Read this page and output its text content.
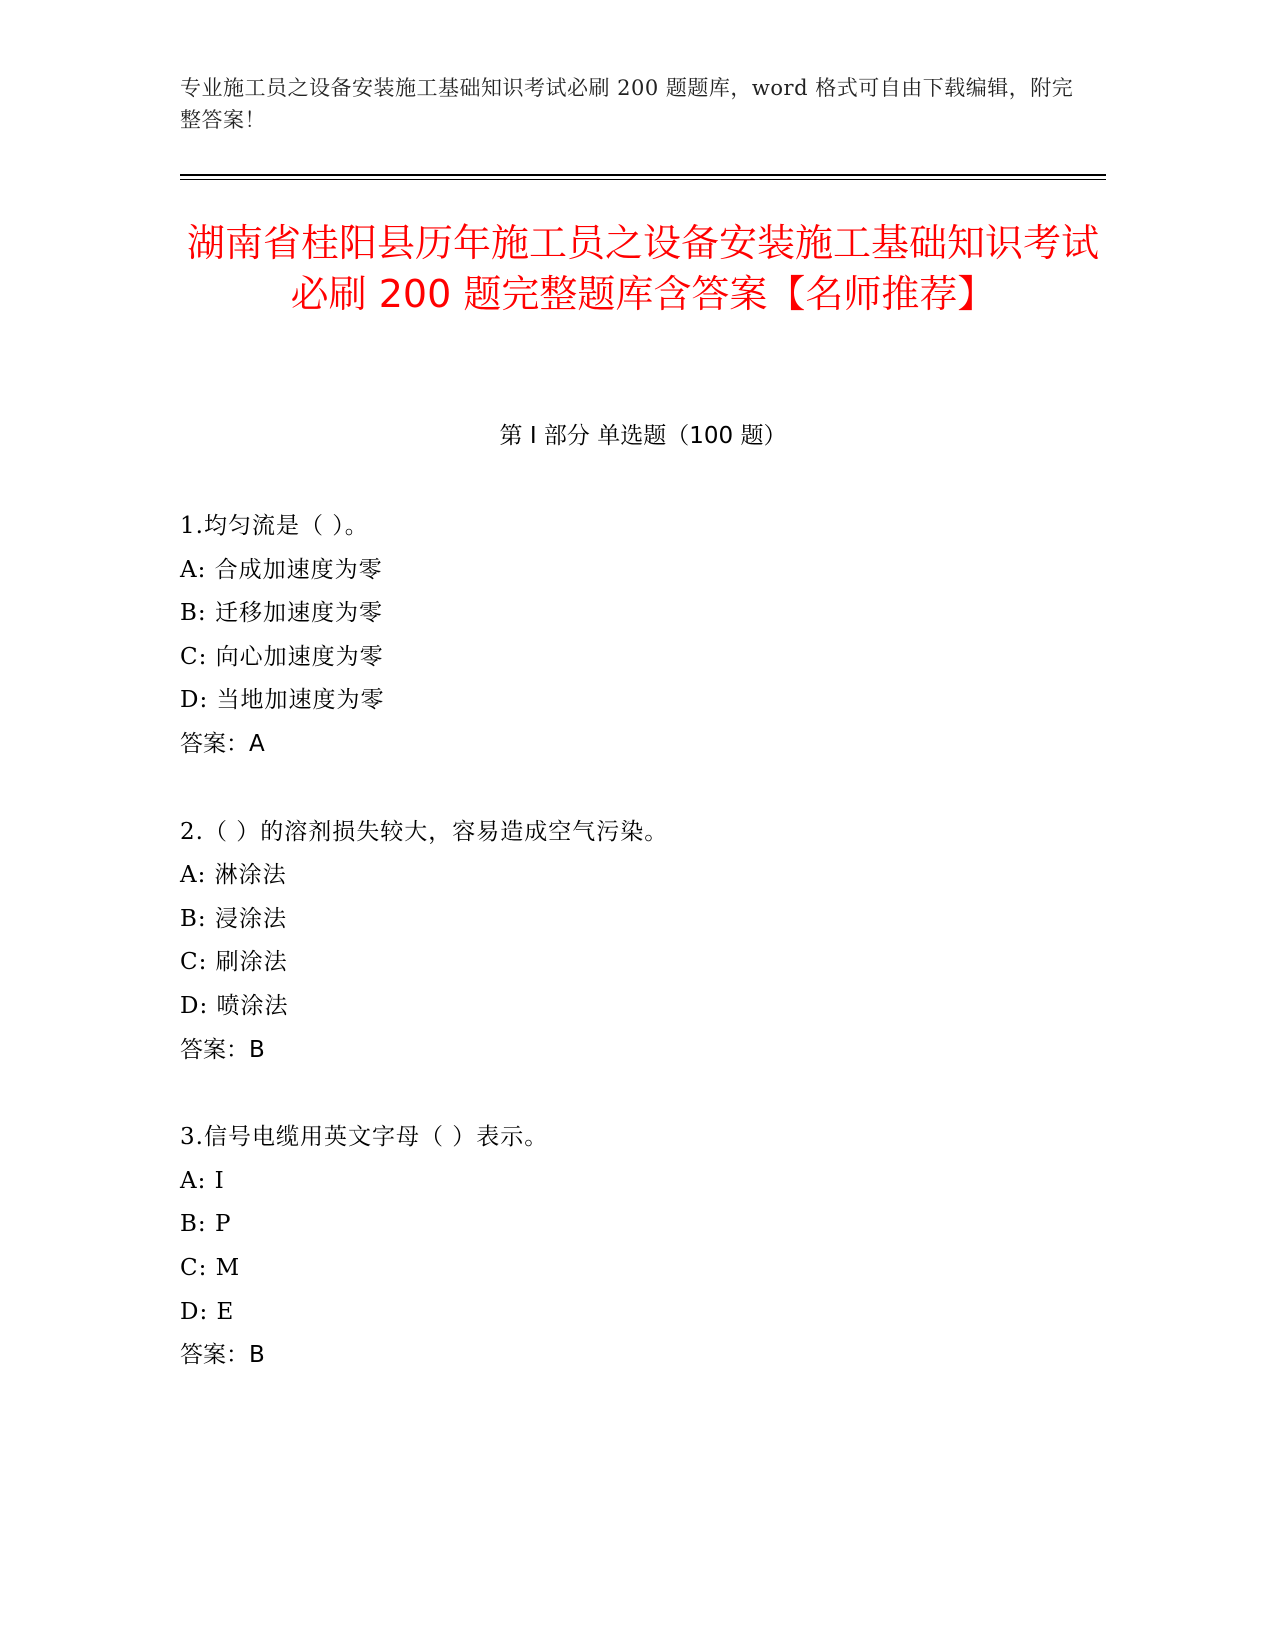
专业施工员之设备安装施工基础知识考试必刷 200 题题库，word 格式可自由下载编辑，附完整答案！
湖南省桂阳县历年施工员之设备安装施工基础知识考试必刷 200 题完整题库含答案【名师推荐】
第 I 部分 单选题（100 题）
1.均匀流是（ ）。
A: 合成加速度为零
B: 迁移加速度为零
C: 向心加速度为零
D: 当地加速度为零
答案：A
2.（ ）的溶剂损失较大，容易造成空气污染。
A: 淋涂法
B: 浸涂法
C: 刷涂法
D: 喷涂法
答案：B
3.信号电缆用英文字母（ ）表示。
A: I
B: P
C: M
D: E
答案：B
